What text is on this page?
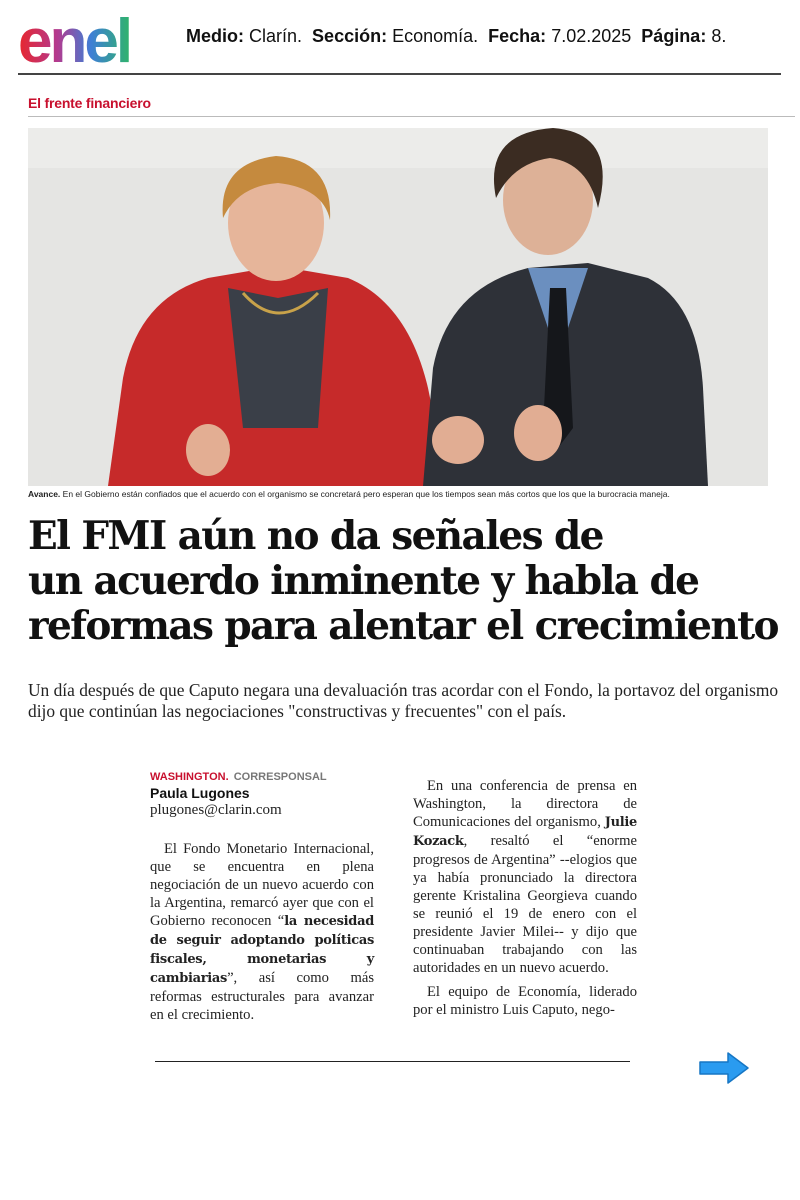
enel	Medio: Clarín. Sección: Economía. Fecha: 7.02.2025 Página: 8.
El frente financiero
Avance. En el Gobierno están confiados que el acuerdo con el organismo se concretará pero esperan que los tiempos sean más cortos que los que la burocracia maneja.
El FMI aún no da señales de
un acuerdo inminente y habla de
reformas para alentar el crecimiento

Un día después de que Caputo negara una devaluación tras acordar con el Fondo, la portavoz del organismo dijo que continúan las negociaciones "constructivas y frecuentes" con el país.

WASHINGTON. CORRESPONSAL
Paula Lugones
plugones@clarin.com

El Fondo Monetario Internacional, que se encuentra en plena negociación de un nuevo acuerdo con la Argentina, remarcó ayer que con el Gobierno reconocen “la necesidad de seguir adoptando políticas fiscales, monetarias y cambiarias”, así como más reformas estructurales para avanzar en el crecimiento.

En una conferencia de prensa en Washington, la directora de Comunicaciones del organismo, Julie Kozack, resaltó el “enorme progresos de Argentina” --elogios que ya había pronunciado la directora gerente Kristalina Georgieva cuando se reunió el 19 de enero con el presidente Javier Milei-- y dijo que continuaban trabajando con las autoridades en un nuevo acuerdo.

El equipo de Economía, liderado por el ministro Luis Caputo, nego-
